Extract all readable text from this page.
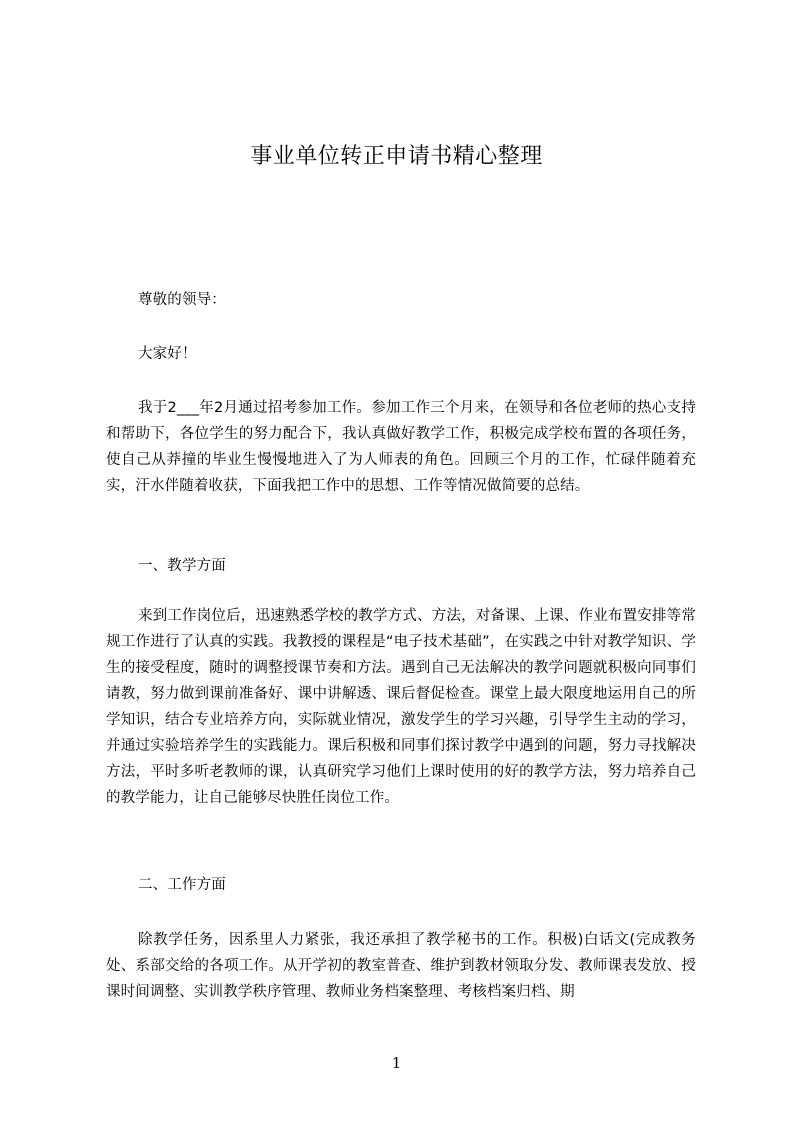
事业单位转正申请书精心整理
尊敬的领导：
大家好！
我于2___年2月通过招考参加工作。参加工作三个月来，在领导和各位老师的热心支持和帮助下，各位学生的努力配合下，我认真做好教学工作，积极完成学校布置的各项任务，使自己从莽撞的毕业生慢慢地进入了为人师表的角色。回顾三个月的工作，忙碌伴随着充实，汗水伴随着收获，下面我把工作中的思想、工作等情况做简要的总结。
一、教学方面
来到工作岗位后，迅速熟悉学校的教学方式、方法，对备课、上课、作业布置安排等常规工作进行了认真的实践。我教授的课程是“电子技术基础”，在实践之中针对教学知识、学生的接受程度，随时的调整授课节奏和方法。遇到自己无法解决的教学问题就积极向同事们请教，努力做到课前准备好、课中讲解透、课后督促检查。课堂上最大限度地运用自己的所学知识，结合专业培养方向，实际就业情况，激发学生的学习兴趣，引导学生主动的学习，并通过实验培养学生的实践能力。课后积极和同事们探讨教学中遇到的问题，努力寻找解决方法，平时多听老教师的课，认真研究学习他们上课时使用的好的教学方法，努力培养自己的教学能力，让自己能够尽快胜任岗位工作。
二、工作方面
除教学任务，因系里人力紧张，我还承担了教学秘书的工作。积极)白话文(完成教务处、系部交给的各项工作。从开学初的教室普查、维护到教材领取分发、教师课表发放、授课时间调整、实训教学秩序管理、教师业务档案整理、考核档案归档、期
1
